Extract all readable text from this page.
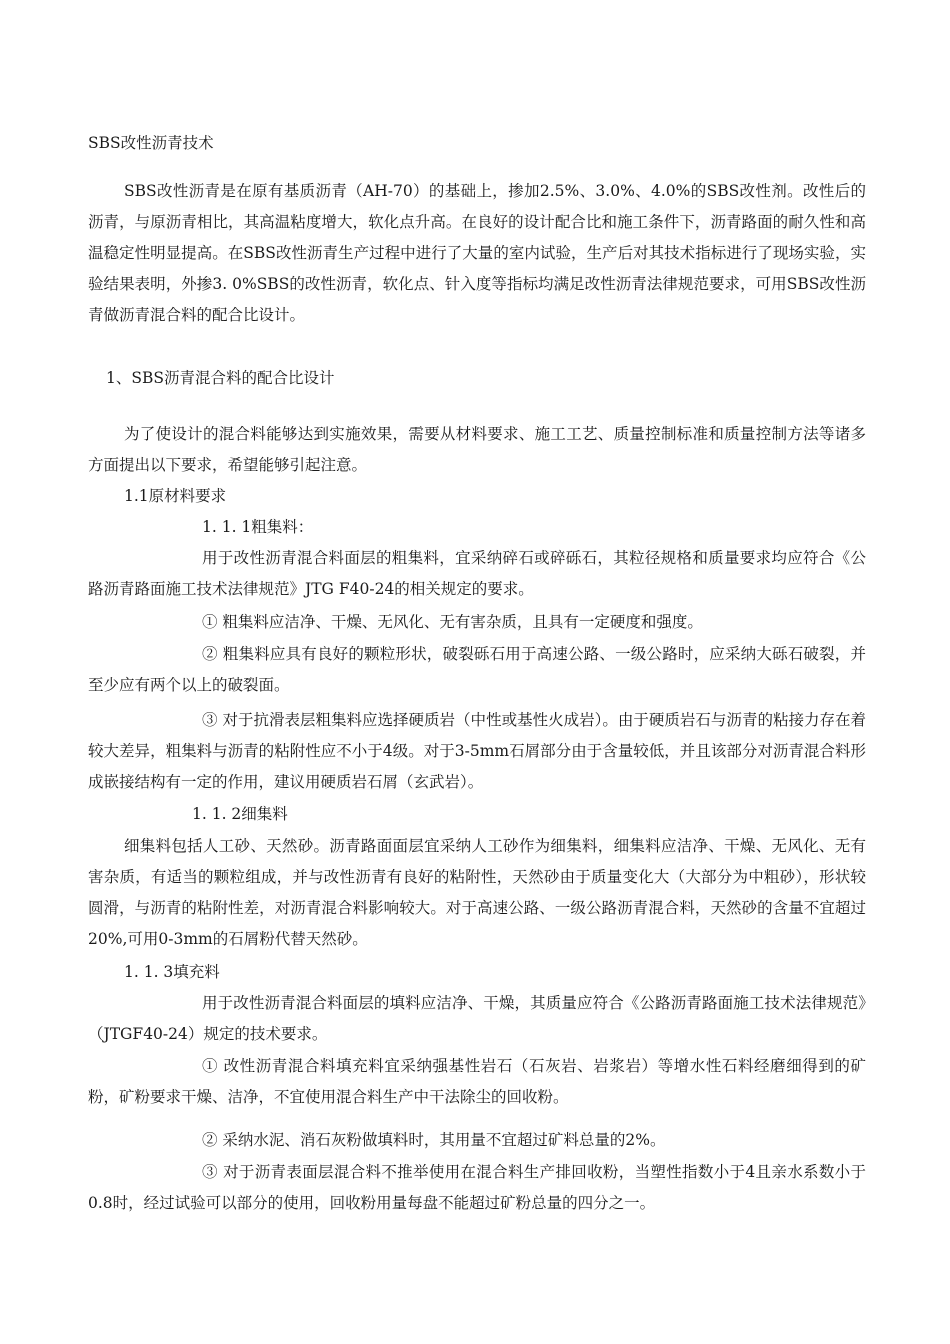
SBS改性沥青技术

SBS改性沥青是在原有基质沥青（AH-70）的基础上，掺加2.5%、3.0%、4.0%的SBS改性剂。改性后的沥青，与原沥青相比，其高温粘度增大，软化点升高。在良好的设计配合比和施工条件下，沥青路面的耐久性和高温稳定性明显提高。在SBS改性沥青生产过程中进行了大量的室内试验，生产后对其技术指标进行了现场实验，实验结果表明，外掺3. 0%SBS的改性沥青，软化点、针入度等指标均满足改性沥青法律规范要求，可用SBS改性沥青做沥青混合料的配合比设计。

1、SBS沥青混合料的配合比设计

为了使设计的混合料能够达到实施效果，需要从材料要求、施工工艺、质量控制标准和质量控制方法等诸多方面提出以下要求，希望能够引起注意。

1.1原材料要求

1. 1. 1粗集料：

用于改性沥青混合料面层的粗集料，宜采纳碎石或碎砾石，其粒径规格和质量要求均应符合《公路沥青路面施工技术法律规范》JTG F40-24的相关规定的要求。

① 粗集料应洁净、干燥、无风化、无有害杂质，且具有一定硬度和强度。

② 粗集料应具有良好的颗粒形状，破裂砾石用于高速公路、一级公路时，应采纳大砾石破裂，并至少应有两个以上的破裂面。

③ 对于抗滑表层粗集料应选择硬质岩（中性或基性火成岩）。由于硬质岩石与沥青的粘接力存在着较大差异，粗集料与沥青的粘附性应不小于4级。对于3-5mm石屑部分由于含量较低，并且该部分对沥青混合料形成嵌接结构有一定的作用，建议用硬质岩石屑（玄武岩）。

1. 1. 2细集料

细集料包括人工砂、天然砂。沥青路面面层宜采纳人工砂作为细集料，细集料应洁净、干燥、无风化、无有害杂质，有适当的颗粒组成，并与改性沥青有良好的粘附性，天然砂由于质量变化大（大部分为中粗砂），形状较圆滑，与沥青的粘附性差，对沥青混合料影响较大。对于高速公路、一级公路沥青混合料，天然砂的含量不宜超过20%,可用0-3mm的石屑粉代替天然砂。

1. 1. 3填充料

用于改性沥青混合料面层的填料应洁净、干燥，其质量应符合《公路沥青路面施工技术法律规范》（JTGF40-24）规定的技术要求。

① 改性沥青混合料填充料宜采纳强基性岩石（石灰岩、岩浆岩）等增水性石料经磨细得到的矿粉，矿粉要求干燥、洁净，不宜使用混合料生产中干法除尘的回收粉。

② 采纳水泥、消石灰粉做填料时，其用量不宜超过矿料总量的2%。

③ 对于沥青表面层混合料不推举使用在混合料生产排回收粉，当塑性指数小于4且亲水系数小于0.8时，经过试验可以部分的使用，回收粉用量每盘不能超过矿粉总量的四分之一。
